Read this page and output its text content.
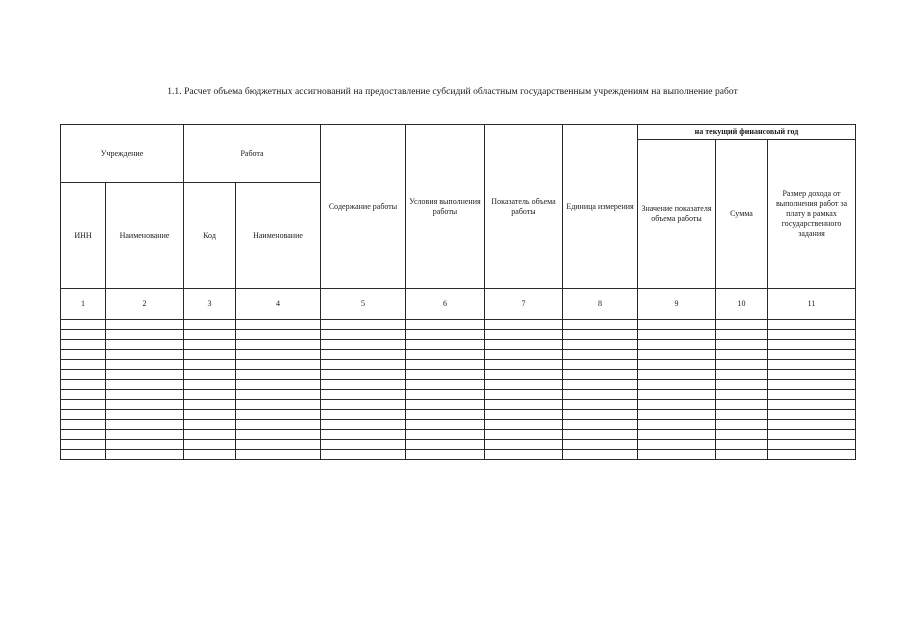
1.1. Расчет объема бюджетных ассигнований на предоставление субсидий областным государственным учреждениям на выполнение работ
Учреждение		Работа		Содержание работы	Условия выполнения работы	Показатель объема работы	Единица измерения	на текущий финансовый год		
								Значение показателя объема работы	Сумма	Размер дохода от выполнения работ за плату в рамках государственного задания
ИНН	Наименование	Код	Наименование							
1	2	3	4	5	6	7	8	9	10	11
